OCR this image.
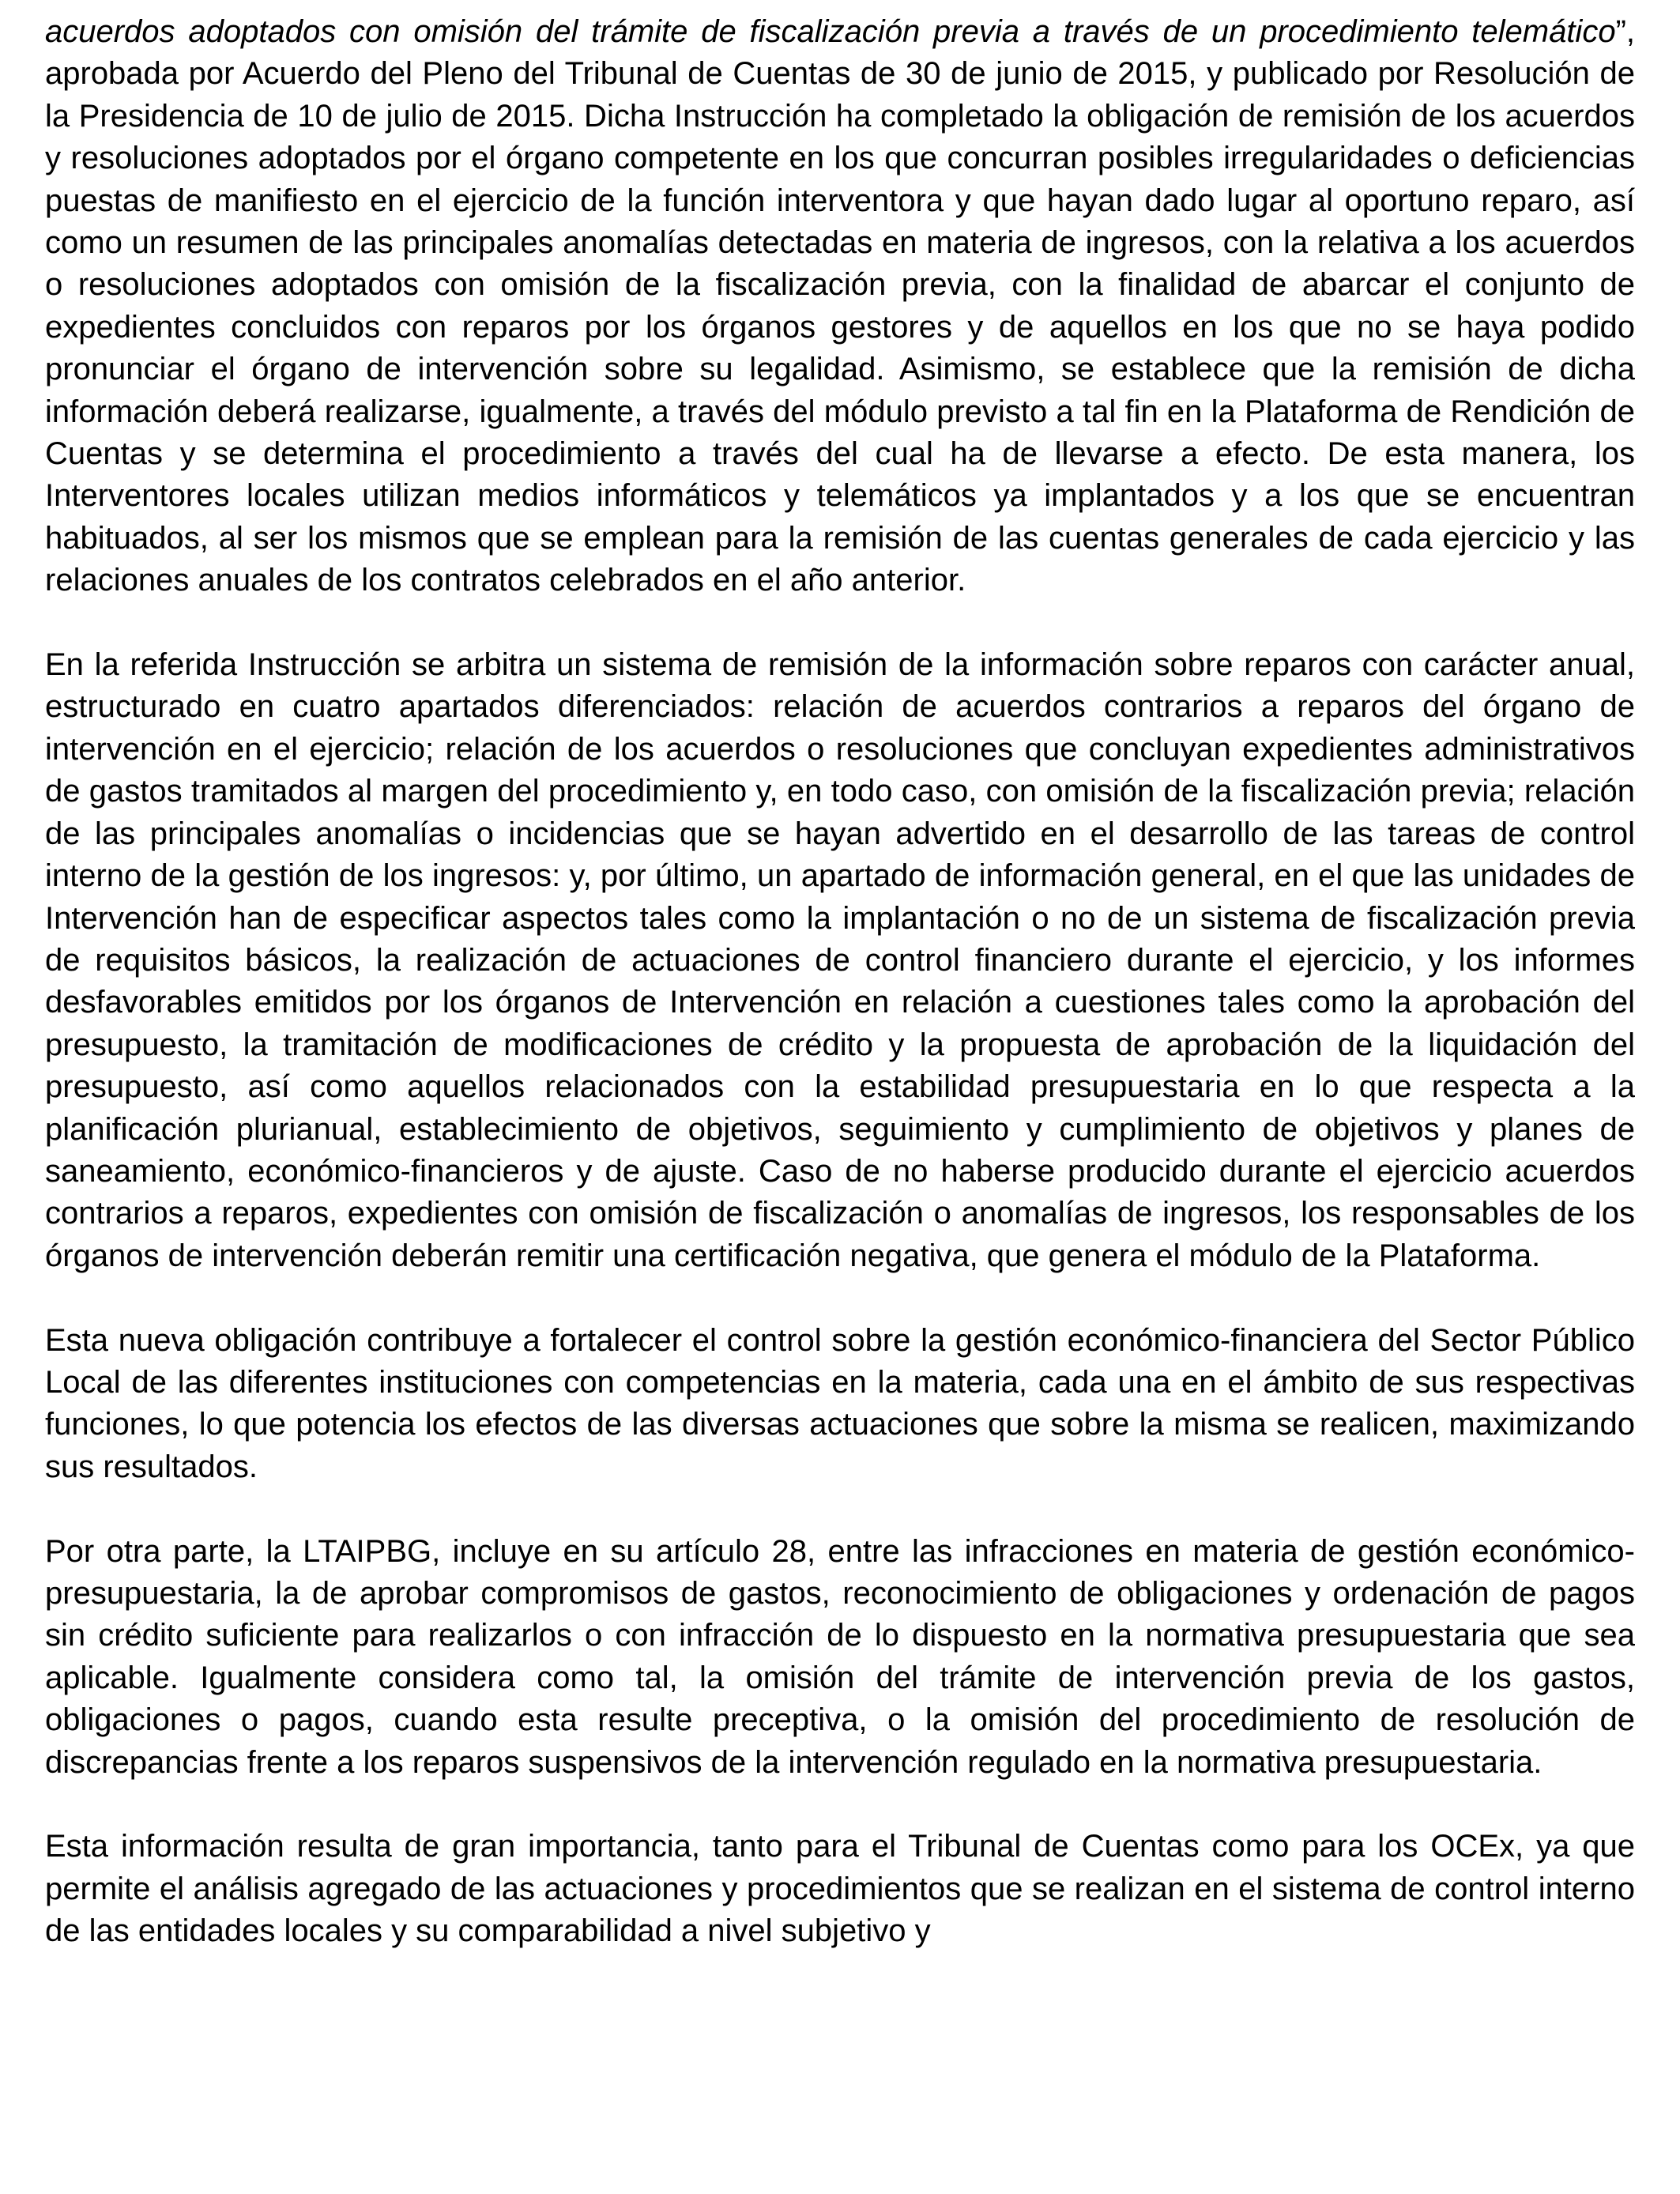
acuerdos adoptados con omisión del trámite de fiscalización previa a través de un procedimiento telemático”, aprobada por Acuerdo del Pleno del Tribunal de Cuentas de 30 de junio de 2015, y publicado por Resolución de la Presidencia de 10 de julio de 2015. Dicha Instrucción ha completado la obligación de remisión de los acuerdos y resoluciones adoptados por el órgano competente en los que concurran posibles irregularidades o deficiencias puestas de manifiesto en el ejercicio de la función interventora y que hayan dado lugar al oportuno reparo, así como un resumen de las principales anomalías detectadas en materia de ingresos, con la relativa a los acuerdos o resoluciones adoptados con omisión de la fiscalización previa, con la finalidad de abarcar el conjunto de expedientes concluidos con reparos por los órganos gestores y de aquellos en los que no se haya podido pronunciar el órgano de intervención sobre su legalidad. Asimismo, se establece que la remisión de dicha información deberá realizarse, igualmente, a través del módulo previsto a tal fin en la Plataforma de Rendición de Cuentas y se determina el procedimiento a través del cual ha de llevarse a efecto. De esta manera, los Interventores locales utilizan medios informáticos y telemáticos ya implantados y a los que se encuentran habituados, al ser los mismos que se emplean para la remisión de las cuentas generales de cada ejercicio y las relaciones anuales de los contratos celebrados en el año anterior.

En la referida Instrucción se arbitra un sistema de remisión de la información sobre reparos con carácter anual, estructurado en cuatro apartados diferenciados: relación de acuerdos contrarios a reparos del órgano de intervención en el ejercicio; relación de los acuerdos o resoluciones que concluyan expedientes administrativos de gastos tramitados al margen del procedimiento y, en todo caso, con omisión de la fiscalización previa; relación de las principales anomalías o incidencias que se hayan advertido en el desarrollo de las tareas de control interno de la gestión de los ingresos: y, por último, un apartado de información general, en el que las unidades de Intervención han de especificar aspectos tales como la implantación o no de un sistema de fiscalización previa de requisitos básicos, la realización de actuaciones de control financiero durante el ejercicio, y los informes desfavorables emitidos por los órganos de Intervención en relación a cuestiones tales como la aprobación del presupuesto, la tramitación de modificaciones de crédito y la propuesta de aprobación de la liquidación del presupuesto, así como aquellos relacionados con la estabilidad presupuestaria en lo que respecta a la planificación plurianual, establecimiento de objetivos, seguimiento y cumplimiento de objetivos y planes de saneamiento, económico-financieros y de ajuste. Caso de no haberse producido durante el ejercicio acuerdos contrarios a reparos, expedientes con omisión de fiscalización o anomalías de ingresos, los responsables de los órganos de intervención deberán remitir una certificación negativa, que genera el módulo de la Plataforma.

Esta nueva obligación contribuye a fortalecer el control sobre la gestión económico-financiera del Sector Público Local de las diferentes instituciones con competencias en la materia, cada una en el ámbito de sus respectivas funciones, lo que potencia los efectos de las diversas actuaciones que sobre la misma se realicen, maximizando sus resultados.

Por otra parte, la LTAIPBG, incluye en su artículo 28, entre las infracciones en materia de gestión económico-presupuestaria, la de aprobar compromisos de gastos, reconocimiento de obligaciones y ordenación de pagos sin crédito suficiente para realizarlos o con infracción de lo dispuesto en la normativa presupuestaria que sea aplicable. Igualmente considera como tal, la omisión del trámite de intervención previa de los gastos, obligaciones o pagos, cuando esta resulte preceptiva, o la omisión del procedimiento de resolución de discrepancias frente a los reparos suspensivos de la intervención regulado en la normativa presupuestaria.

Esta información resulta de gran importancia, tanto para el Tribunal de Cuentas como para los OCEx, ya que permite el análisis agregado de las actuaciones y procedimientos que se realizan en el sistema de control interno de las entidades locales y su comparabilidad a nivel subjetivo y
